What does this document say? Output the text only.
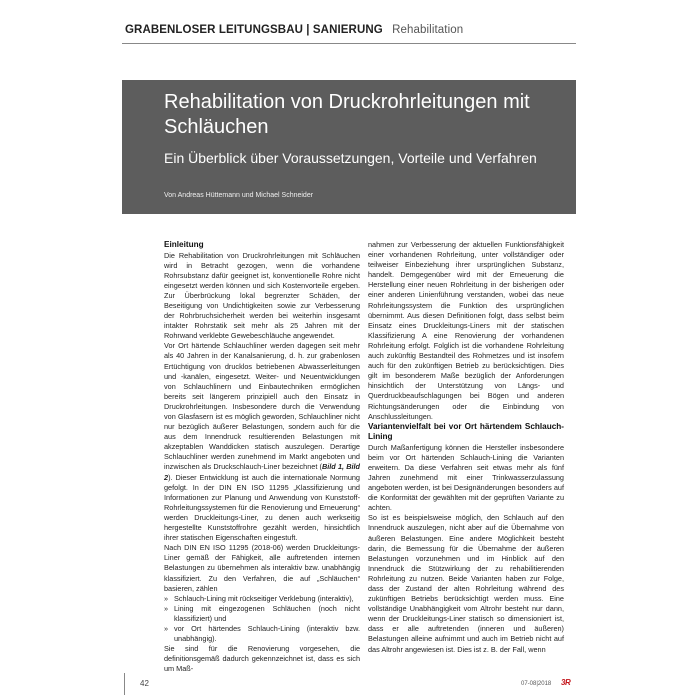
GRABENLOSER LEITUNGSBAU | SANIERUNG Rehabilitation
Rehabilitation von Druckrohrleitungen mit Schläuchen
Ein Überblick über Voraussetzungen, Vorteile und Verfahren
Von Andreas Hüttemann und Michael Schneider

Einleitung

Die Rehabilitation von Druckrohrleitungen mit Schläuchen wird in Betracht gezogen, wenn die vorhandene Rohrsubstanz dafür geeignet ist, konventionelle Rohre nicht eingesetzt werden können und sich Kostenvorteile ergeben. Zur Überbrückung lokal begrenzter Schäden, der Beseitigung von Undichtigkeiten sowie zur Verbesserung der Rohrbruchsicherheit werden bei weiterhin insgesamt intakter Rohrstatik seit mehr als 25 Jahren mit der Rohrwand verklebte Gewebeschläuche angewendet.

Vor Ort härtende Schlauchliner werden dagegen seit mehr als 40 Jahren in der Kanalsanierung, d. h. zur grabenlosen Ertüchtigung von drucklos betriebenen Abwasserleitungen und -kanälen, eingesetzt. Weiter- und Neuentwicklungen von Schlauchlinern und Einbautechniken ermöglichen bereits seit längerem prinzipiell auch den Einsatz in Druckrohrleitungen. Insbesondere durch die Verwendung von Glasfasern ist es möglich geworden, Schlauchliner nicht nur bezüglich äußerer Belastungen, sondern auch für die aus dem Innendruck resultierenden Belastungen mit akzeptablen Wanddicken statisch auszulegen. Derartige Schlauchliner werden zunehmend im Markt angeboten und inzwischen als Druckschlauch-Liner bezeichnet (Bild 1, Bild 2). Dieser Entwicklung ist auch die internationale Normung gefolgt. In der DIN EN ISO 11295 „Klassifizierung und Informationen zur Planung und Anwendung von Kunststoff-Rohrleitungssystemen für die Renovierung und Erneuerung“ werden Druckleitungs-Liner, zu denen auch werkseitig hergestellte Kunststoffrohre gezählt werden, hinsichtlich ihrer statischen Eigenschaften eingestuft.

Nach DIN EN ISO 11295 (2018-06) werden Druckleitungs-Liner gemäß der Fähigkeit, alle auftretenden internen Belastungen zu übernehmen als interaktiv bzw. unabhängig klassifiziert. Zu den Verfahren, die auf „Schläuchen“ basieren, zählen

» Schlauch-Lining mit rückseitiger Verklebung (interaktiv),
» Lining mit eingezogenen Schläuchen (noch nicht klassifiziert) und
» vor Ort härtendes Schlauch-Lining (interaktiv bzw. unabhängig).

Sie sind für die Renovierung vorgesehen, die definitionsgemäß dadurch gekennzeichnet ist, dass es sich um Maß-

nahmen zur Verbesserung der aktuellen Funktionsfähigkeit einer vorhandenen Rohrleitung, unter vollständiger oder teilweiser Einbeziehung ihrer ursprünglichen Substanz, handelt. Demgegenüber wird mit der Erneuerung die Herstellung einer neuen Rohrleitung in der bisherigen oder einer anderen Linienführung verstanden, wobei das neue Rohrleitungssystem die Funktion des ursprünglichen übernimmt. Aus diesen Definitionen folgt, dass selbst beim Einsatz eines Druckleitungs-Liners mit der statischen Klassifizierung A eine Renovierung der vorhandenen Rohrleitung erfolgt. Folglich ist die vorhandene Rohrleitung auch zukünftig Bestandteil des Rohmetzes und ist insofern auch für den zukünftigen Betrieb zu berücksichtigen. Dies gilt im besonderem Maße bezüglich der Anforderungen hinsichtlich der Unterstützung von Längs- und Querdruckbeaufschlagungen bei Bögen und anderen Richtungsänderungen oder die Einbindung von Anschlussleitungen.

Variantenvielfalt bei vor Ort härtendem Schlauch-Lining

Durch Maßanfertigung können die Hersteller insbesondere beim vor Ort härtenden Schlauch-Lining die Varianten erweitern. Da diese Verfahren seit etwas mehr als fünf Jahren zunehmend mit einer Trinkwasserzulassung angeboten werden, ist bei Designänderungen besonders auf die Konformität der gewählten mit der geprüften Variante zu achten.

So ist es beispielsweise möglich, den Schlauch auf den Innendruck auszulegen, nicht aber auf die Übernahme von äußeren Belastungen. Eine andere Möglichkeit besteht darin, die Bemessung für die Übernahme der äußeren Belastungen vorzunehmen und im Hinblick auf den Innendruck die Stützwirkung der zu rehabilitierenden Rohrleitung zu nutzen. Beide Varianten haben zur Folge, dass der Zustand der alten Rohrleitung während des zukünftigen Betriebs berücksichtigt werden muss. Eine vollständige Unabhängigkeit vom Altrohr besteht nur dann, wenn der Druckleitungs-Liner statisch so dimensioniert ist, dass er alle auftretenden (inneren und äußeren) Belastungen alleine aufnimmt und auch im Betrieb nicht auf das Altrohr angewiesen ist. Dies ist z. B. der Fall, wenn

42	07-08|2018 3R
